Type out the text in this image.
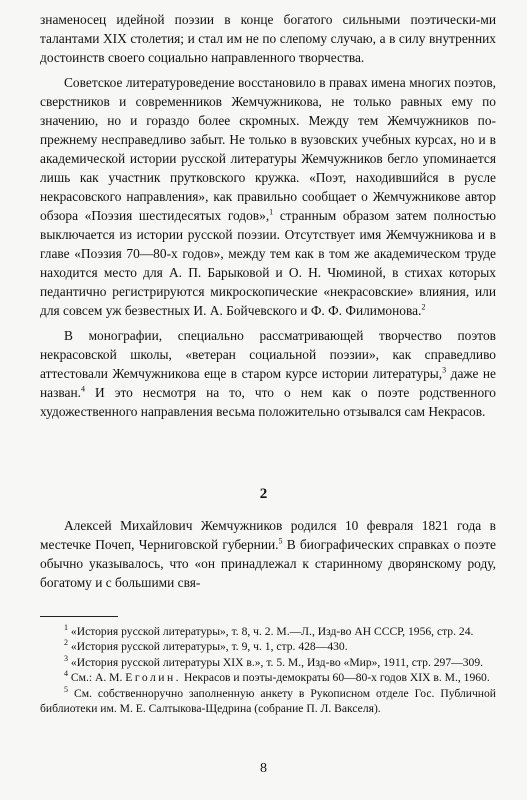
знаменосец идейной поэзии в конце богатого сильными поэтически-ми талантами XIX столетия; и стал им не по слепому случаю, а в силу внутренних достоинств своего социально направленного творчества.

Советское литературоведение восстановило в правах имена многих поэтов, сверстников и современников Жемчужникова, не только равных ему по значению, но и гораздо более скромных. Между тем Жемчужников по-прежнему несправедливо забыт. Не только в вузовских учебных курсах, но и в академической истории русской литературы Жемчужников бегло упоминается лишь как участник прутковского кружка. «Поэт, находившийся в русле некрасовского направления», как правильно сообщает о Жемчужникове автор обзора «Поэзия шестидесятых годов»,$^1$ странным образом затем полностью выключается из истории русской поэзии. Отсутствует имя Жемчужникова и в главе «Поэзия 70—80-х годов», между тем как в том же академическом труде находится место для А. П. Барыковой и О. Н. Чюминой, в стихах которых педантично регистрируются микроскопические «некрасовские» влияния, или для совсем уж безвестных И. А. Бойчевского и Ф. Ф. Филимонова.$^2$

В монографии, специально рассматривающей творчество поэтов некрасовской школы, «ветеран социальной поэзии», как справедливо аттестовали Жемчужникова еще в старом курсе истории литературы,$^3$ даже не назван.$^4$ И это несмотря на то, что о нем как о поэте родственного художественного направления весьма положительно отзывался сам Некрасов.

2

Алексей Михайлович Жемчужников родился 10 февраля 1821 года в местечке Почеп, Черниговской губернии.$^5$ В биографических справках о поэте обычно указывалось, что «он принадлежал к старинному дворянскому роду, богатому и с большими свя-

$^1$ «История русской литературы», т. 8, ч. 2. М.—Л., Изд-во АН СССР, 1956, стр. 24.

$^2$ «История русской литературы», т. 9, ч. 1, стр. 428—430.

$^3$ «История русской литературы XIX в.», т. 5. М., Изд-во «Мир», 1911, стр. 297—309.

$^4$ См.: А. М. Еголин. Некрасов и поэты-демократы 60—80-х годов XIX в. М., 1960.

$^5$ См. собственноручно заполненную анкету в Рукописном отделе Гос. Публичной библиотеки им. М. Е. Салтыкова-Щедрина (собрание П. Л. Вакселя).

8
